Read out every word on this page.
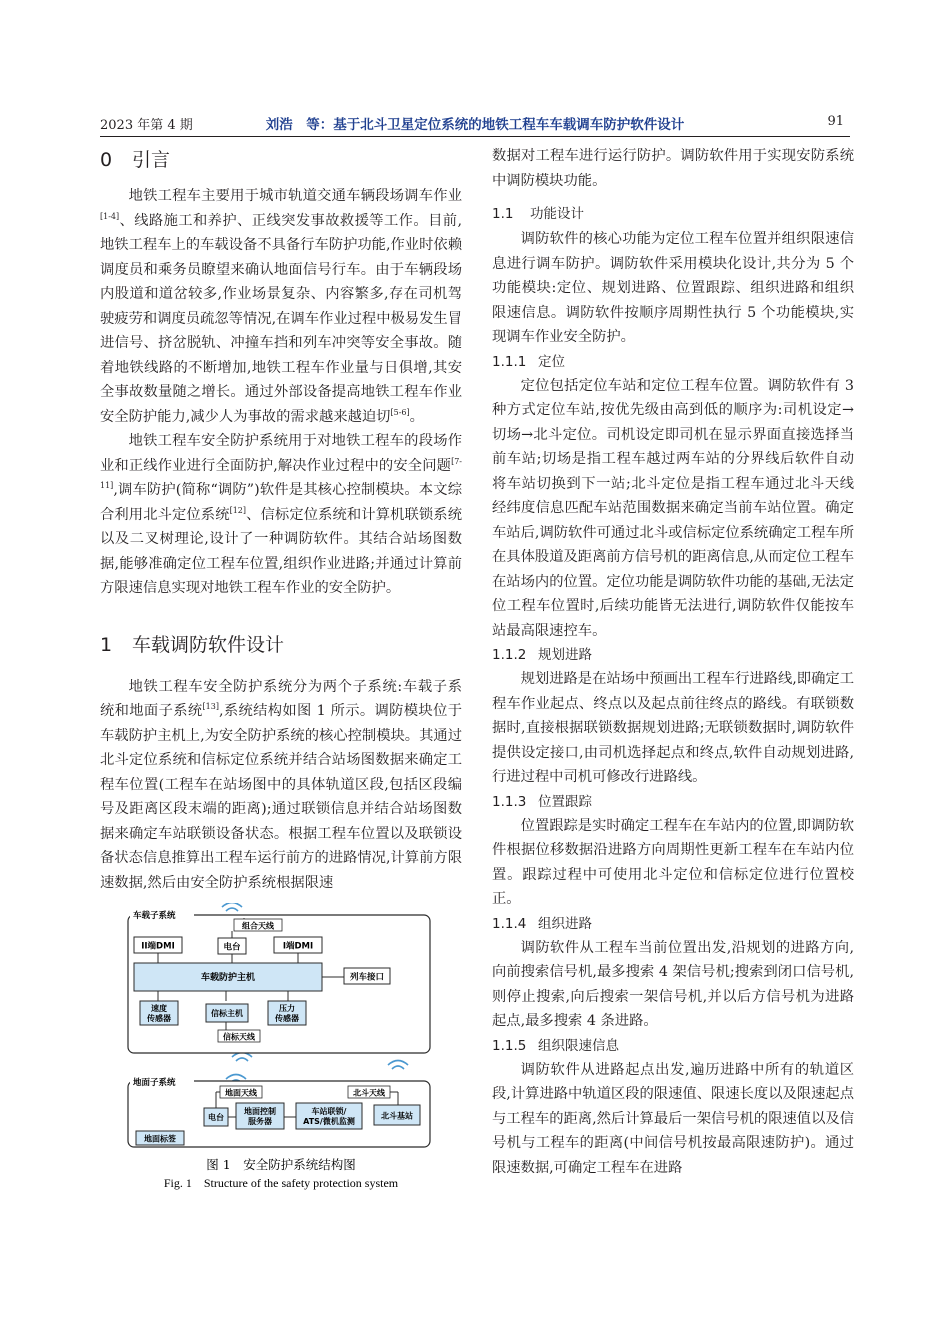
2023 年第 4 期	刘浩　等：基于北斗卫星定位系统的地铁工程车车载调车防护软件设计	91
0 引言

地铁工程车主要用于城市轨道交通车辆段场调车作业[1-4]、线路施工和养护、正线突发事故救援等工作。目前,地铁工程车上的车载设备不具备行车防护功能,作业时依赖调度员和乘务员瞭望来确认地面信号行车。由于车辆段场内股道和道岔较多,作业场景复杂、内容繁多,存在司机驾驶疲劳和调度员疏忽等情况,在调车作业过程中极易发生冒进信号、挤岔脱轨、冲撞车挡和列车冲突等安全事故。随着地铁线路的不断增加,地铁工程车作业量与日俱增,其安全事故数量随之增长。通过外部设备提高地铁工程车作业安全防护能力,减少人为事故的需求越来越迫切[5-6]。

地铁工程车安全防护系统用于对地铁工程车的段场作业和正线作业进行全面防护,解决作业过程中的安全问题[7-11],调车防护(简称“调防”)软件是其核心控制模块。本文综合利用北斗定位系统[12]、信标定位系统和计算机联锁系统以及二叉树理论,设计了一种调防软件。其结合站场图数据,能够准确定位工程车位置,组织作业进路;并通过计算前方限速信息实现对地铁工程车作业的安全防护。

1 车载调防软件设计

地铁工程车安全防护系统分为两个子系统:车载子系统和地面子系统[13],系统结构如图 1 所示。调防模块位于车载防护主机上,为安全防护系统的核心控制模块。其通过北斗定位系统和信标定位系统并结合站场图数据来确定工程车位置(工程车在站场图中的具体轨道区段,包括区段编号及距离区段末端的距离);通过联锁信息并结合站场图数据来确定车站联锁设备状态。根据工程车位置以及联锁设备状态信息推算出工程车运行前方的进路情况,计算前方限速数据,然后由安全防护系统根据限速

车载子系统
组合天线
II端DMI	电台	I端DMI
车载防护主机	列车接口
速度传感器
信标主机
压力传感器
信标天线
地面子系统
地面天线	北斗天线
电台
地面控制服务器
车站联锁/ ATS/微机监测
北斗基站
地面标签
图 1　安全防护系统结构图
Fig. 1　Structure of the safety protection system

数据对工程车进行运行防护。调防软件用于实现安防系统中调防模块功能。

1.1 功能设计

调防软件的核心功能为定位工程车位置并组织限速信息进行调车防护。调防软件采用模块化设计,共分为 5 个功能模块:定位、规划进路、位置跟踪、组织进路和组织限速信息。调防软件按顺序周期性执行 5 个功能模块,实现调车作业安全防护。

1.1.1 定位

定位包括定位车站和定位工程车位置。调防软件有 3 种方式定位车站,按优先级由高到低的顺序为:司机设定→切场→北斗定位。司机设定即司机在显示界面直接选择当前车站;切场是指工程车越过两车站的分界线后软件自动将车站切换到下一站;北斗定位是指工程车通过北斗天线经纬度信息匹配车站范围数据来确定当前车站位置。确定车站后,调防软件可通过北斗或信标定位系统确定工程车所在具体股道及距离前方信号机的距离信息,从而定位工程车在站场内的位置。定位功能是调防软件功能的基础,无法定位工程车位置时,后续功能皆无法进行,调防软件仅能按车站最高限速控车。

1.1.2 规划进路

规划进路是在站场中预画出工程车行进路线,即确定工程车作业起点、终点以及起点前往终点的路线。有联锁数据时,直接根据联锁数据规划进路;无联锁数据时,调防软件提供设定接口,由司机选择起点和终点,软件自动规划进路,行进过程中司机可修改行进路线。

1.1.3 位置跟踪

位置跟踪是实时确定工程车在车站内的位置,即调防软件根据位移数据沿进路方向周期性更新工程车在车站内位置。跟踪过程中可使用北斗定位和信标定位进行位置校正。

1.1.4 组织进路

调防软件从工程车当前位置出发,沿规划的进路方向,向前搜索信号机,最多搜索 4 架信号机;搜索到闭口信号机,则停止搜索,向后搜索一架信号机,并以后方信号机为进路起点,最多搜索 4 条进路。

1.1.5 组织限速信息

调防软件从进路起点出发,遍历进路中所有的轨道区段,计算进路中轨道区段的限速值、限速长度以及限速起点与工程车的距离,然后计算最后一架信号机的限速值以及信号机与工程车的距离(中间信号机按最高限速防护)。通过限速数据,可确定工程车在进路
